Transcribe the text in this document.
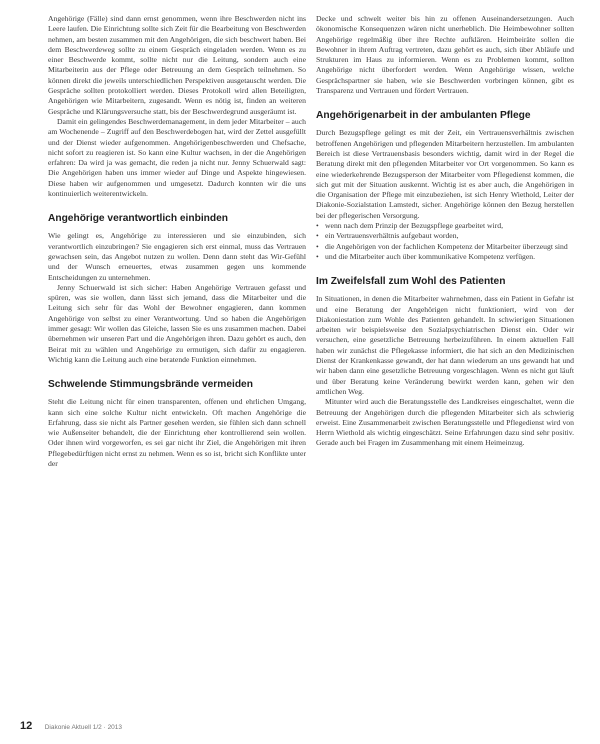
Angehörige (Fälle) sind dann ernst genommen, wenn ihre Beschwerden nicht ins Leere laufen. Die Einrichtung sollte sich Zeit für die Bearbeitung von Beschwerden nehmen, am besten zusammen mit den Angehörigen, die sich beschwert haben. Bei dem Beschwerdeweg sollte zu einem Gespräch eingeladen werden. Wenn es zu einer Beschwerde kommt, sollte nicht nur die Leitung, sondern auch eine Mitarbeiterin aus der Pflege oder Betreuung an dem Gespräch teilnehmen. So können direkt die jeweils unterschiedlichen Perspektiven ausgetauscht werden. Die Gespräche sollten protokolliert werden. Dieses Protokoll wird allen Beteiligten, Angehörigen wie Mitarbeitern, zugesandt. Wenn es nötig ist, finden an weiteren Gespräche und Klärungsversuche statt, bis der Beschwerdegrund ausgeräumt ist.

Damit ein gelingendes Beschwerdemanagement, in dem jeder Mitarbeiter – auch am Wochenende – Zugriff auf den Beschwerdebogen hat, wird der Zettel ausgefüllt und der Dienst wieder aufgenommen. Angehörigenbeschwerden und Chefsache, nicht sofort zu reagieren ist. So kann eine Kultur wachsen, in der die Angehörigen erfahren: Da wird ja was gemacht, die reden ja nicht nur. Jenny Schuerwald sagt: Die Angehörigen haben uns immer wieder auf Dinge und Aspekte hingewiesen. Diese haben wir aufgenommen und umgesetzt. Dadurch konnten wir die uns kontinuierlich weiterentwickeln.

Angehörige verantwortlich einbinden

Wie gelingt es, Angehörige zu interessieren und sie einzubinden, sich verantwortlich einzubringen? Sie engagieren sich erst einmal, muss das Vertrauen gewachsen sein, das Angebot nutzen zu wollen. Denn dann steht das Wir-Gefühl und der Wunsch erneuertes, etwas zusammen gegen uns kommende Entscheidungen zu unternehmen.

Jenny Schuerwald ist sich sicher: Haben Angehörige Vertrauen gefasst und spüren, was sie wollen, dann lässt sich jemand, dass die Mitarbeiter und die Leitung sich sehr für das Wohl der Bewohner engagieren, dann kommen Angehörige von selbst zu einer Verantwortung. Und so haben die Angehörigen immer gesagt: Wir wollen das Gleiche, lassen Sie es uns zusammen machen. Dabei übernehmen wir unseren Part und die Angehörigen ihren. Dazu gehört es auch, den Beirat mit zu wählen und Angehörige zu ermutigen, sich dafür zu engagieren. Wichtig kann die Leitung auch eine beratende Funktion einnehmen.

Schwelende Stimmungsbrände vermeiden

Steht die Leitung nicht für einen transparenten, offenen und ehrlichen Umgang, kann sich eine solche Kultur nicht entwickeln. Oft machen Angehörige die Erfahrung, dass sie nicht als Partner gesehen werden, sie fühlen sich dann schnell wie Außenseiter behandelt, die der Einrichtung eher kontrollierend sein wollen. Oder ihnen wird vorgeworfen, es sei gar nicht ihr Ziel, die Angehörigen mit ihren Pflegebedürftigen nicht ernst zu nehmen. Wenn es so ist, bricht sich Konflikte unter der

Decke und schwelt weiter bis hin zu offenen Auseinandersetzungen. Auch ökonomische Konsequenzen wären nicht unerheblich. Die Heimbewohner sollten Angehörige regelmäßig über ihre Rechte aufklären. Heimbeiräte sollen die Bewohner in ihrem Auftrag vertreten, dazu gehört es auch, sich über Abläufe und Strukturen im Haus zu informieren. Wenn es zu Problemen kommt, sollten Angehörige nicht überfordert werden. Wenn Angehörige wissen, welche Gesprächspartner sie haben, wie sie Beschwerden vorbringen können, gibt es Transparenz und Vertrauen und fördert Vertrauen.

Angehörigenarbeit in der ambulanten Pflege

Durch Bezugspflege gelingt es mit der Zeit, ein Vertrauensverhältnis zwischen betroffenen Angehörigen und pflegenden Mitarbeitern herzustellen. Im ambulanten Bereich ist diese Vertrauensbasis besonders wichtig, damit wird in der Regel die Beratung direkt mit den pflegenden Mitarbeiter vor Ort vorgenommen. So kann es eine wiederkehrende Bezugsperson der Mitarbeiter vom Pflegedienst kommen, die sich gut mit der Situation auskennt. Wichtig ist es aber auch, die Angehörigen in die Organisation der Pflege mit einzubeziehen, ist sich Henry Wiethold, Leiter der Diakonie-Sozialstation Lamstedt, sicher. Angehörige können den Bezug herstellen bei der pflegerischen Versorgung.

• wenn nach dem Prinzip der Bezugspflege gearbeitet wird,
• ein Vertrauensverhältnis aufgebaut worden,
• die Angehörigen von der fachlichen Kompetenz der Mitarbeiter überzeugt sind
• und die Mitarbeiter auch über kommunikative Kompetenz verfügen.
Im Zweifelsfall zum Wohl des Patienten

In Situationen, in denen die Mitarbeiter wahrnehmen, dass ein Patient in Gefahr ist und eine Beratung der Angehörigen nicht funktioniert, wird von der Diakoniestation zum Wohle des Patienten gehandelt. In schwierigen Situationen arbeiten wir beispielsweise den Sozialpsychiatrischen Dienst ein. Oder wir versuchen, eine gesetzliche Betreuung herbeizuführen. In einem aktuellen Fall haben wir zunächst die Pflegekasse informiert, die hat sich an den Medizinischen Dienst der Krankenkasse gewandt, der hat dann wiederum an uns gewandt hat und wir haben dann eine gesetzliche Betreuung vorgeschlagen. Wenn es nicht gut läuft und über Beratung keine Veränderung bewirkt werden kann, gehen wir den amtlichen Weg.

Mitunter wird auch die Beratungsstelle des Landkreises eingeschaltet, wenn die Betreuung der Angehörigen durch die pflegenden Mitarbeiter sich als schwierig erweist. Eine Zusammenarbeit zwischen Beratungsstelle und Pflegedienst wird von Herrn Wiethold als wichtig eingeschätzt. Seine Erfahrungen dazu sind sehr positiv. Gerade auch bei Fragen im Zusammenhang mit einem Heimeinzug.

12 Diakonie Aktuell 1/2 · 2013
